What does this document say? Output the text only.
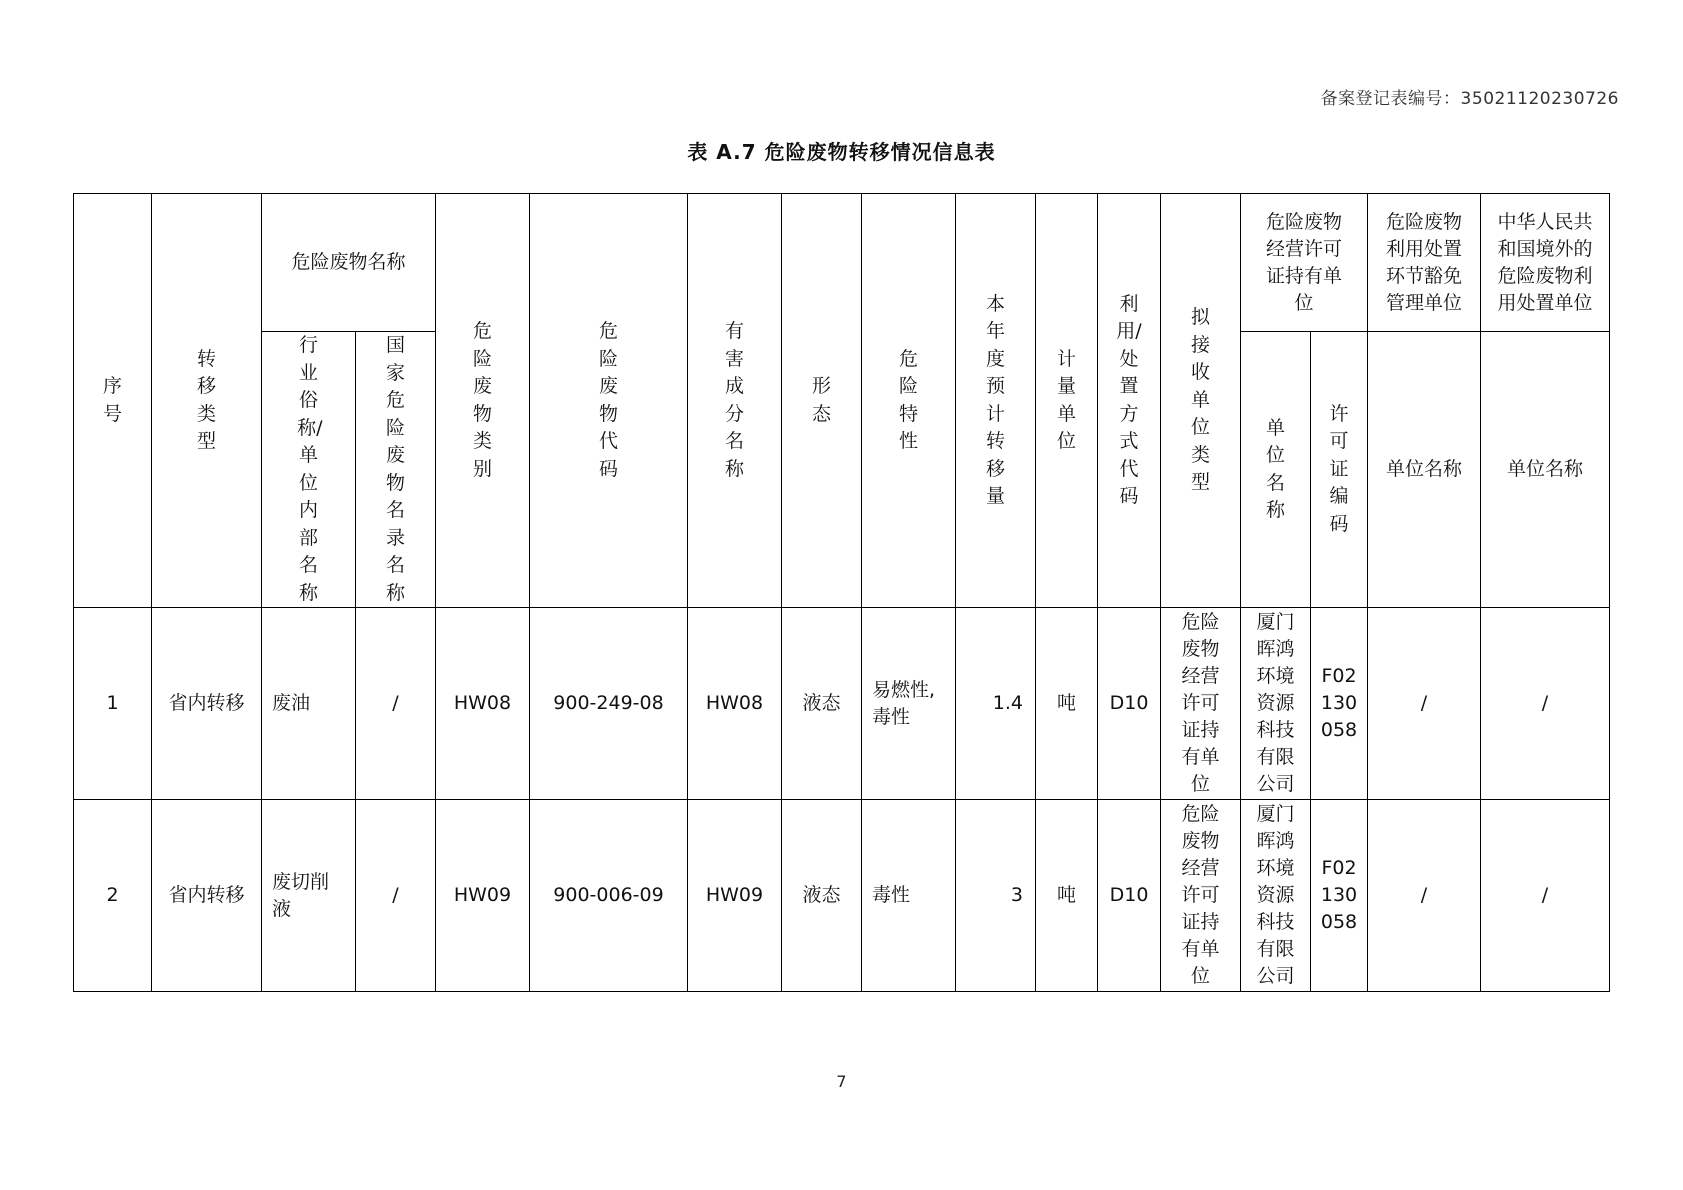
备案登记表编号：35021120230726
表 A.7 危险废物转移情况信息表
序号	转移类型	危险废物名称		危险废物类别	危险废物代码	有害成分名称	形态	危险特性	本年度预计转移量	计量单位	利用/处置方式代码	拟接收单位类型	危险废物经营许可证持有单位		危险废物利用处置环节豁免管理单位	中华人民共和国境外的危险废物利用处置单位

		行业俗称/单位内部名称	国家危险废物名录名称										单位名称	许可证编码	单位名称	单位名称
1	省内转移	废油	/	HW08	900-249-08	HW08	液态	易燃性,毒性	1.4	吨	D10	危险废物经营许可证持有单位	厦门晖鸿环境资源科技有限公司	F02130058	/	/
2	省内转移	废切削液	/	HW09	900-006-09	HW09	液态	毒性	3	吨	D10	危险废物经营许可证持有单位	厦门晖鸿环境资源科技有限公司	F02130058	/	/
7
